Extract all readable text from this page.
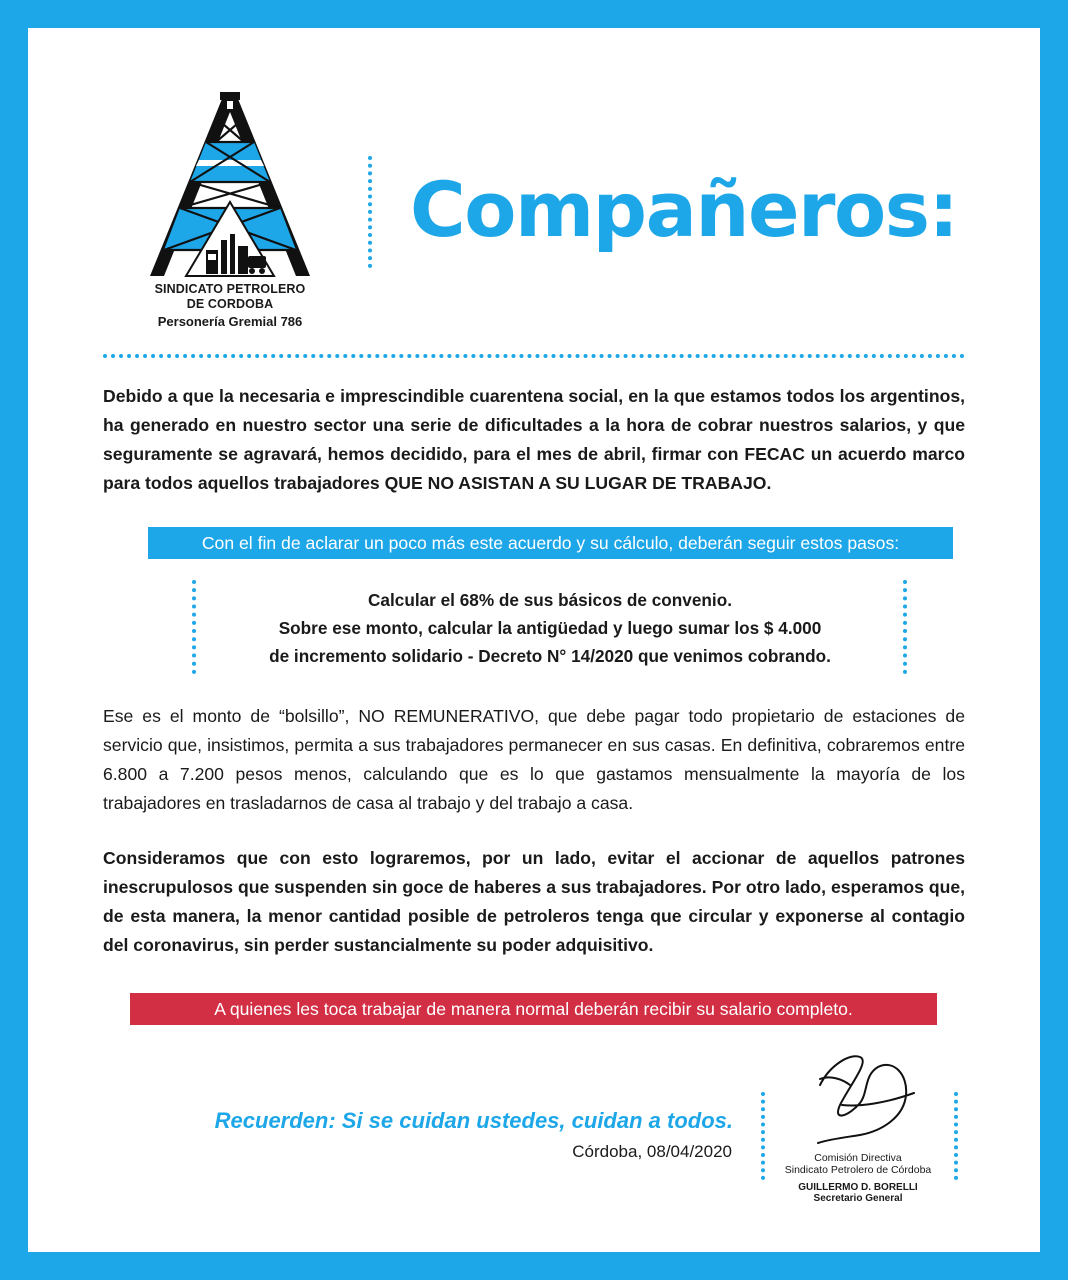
SINDICATO PETROLERO
DE CORDOBA
Personería Gremial 786
Compañeros:

Debido a que la necesaria e imprescindible cuarentena social, en la que estamos todos los argentinos, ha generado en nuestro sector una serie de dificultades a la hora de cobrar nuestros salarios, y que seguramente se agravará, hemos decidido, para el mes de abril, firmar con FECAC un acuerdo marco para todos aquellos trabajadores QUE NO ASISTAN A SU LUGAR DE TRABAJO.

Con el fin de aclarar un poco más este acuerdo y su cálculo, deberán seguir estos pasos:
Calcular el 68% de sus básicos de convenio.
Sobre ese monto, calcular la antigüedad y luego sumar los $ 4.000
de incremento solidario - Decreto N° 14/2020 que venimos cobrando.

Ese es el monto de “bolsillo”, NO REMUNERATIVO, que debe pagar todo propietario de estaciones de servicio que, insistimos, permita a sus trabajadores permanecer en sus casas. En definitiva, cobraremos entre 6.800 a 7.200 pesos menos, calculando que es lo que gastamos mensualmente la mayoría de los trabajadores en trasladarnos de casa al trabajo y del trabajo a casa.

Consideramos que con esto lograremos, por un lado, evitar el accionar de aquellos patrones inescrupulosos que suspenden sin goce de haberes a sus trabajadores. Por otro lado, esperamos que, de esta manera, la menor cantidad posible de petroleros tenga que circular y exponerse al contagio del coronavirus, sin perder sustancialmente su poder adquisitivo.

A quienes les toca trabajar de manera normal deberán recibir su salario completo.
Recuerden: Si se cuidan ustedes, cuidan a todos.
Córdoba, 08/04/2020	Comisión Directiva
Sindicato Petrolero de Córdoba
GUILLERMO D. BORELLI
Secretario General
